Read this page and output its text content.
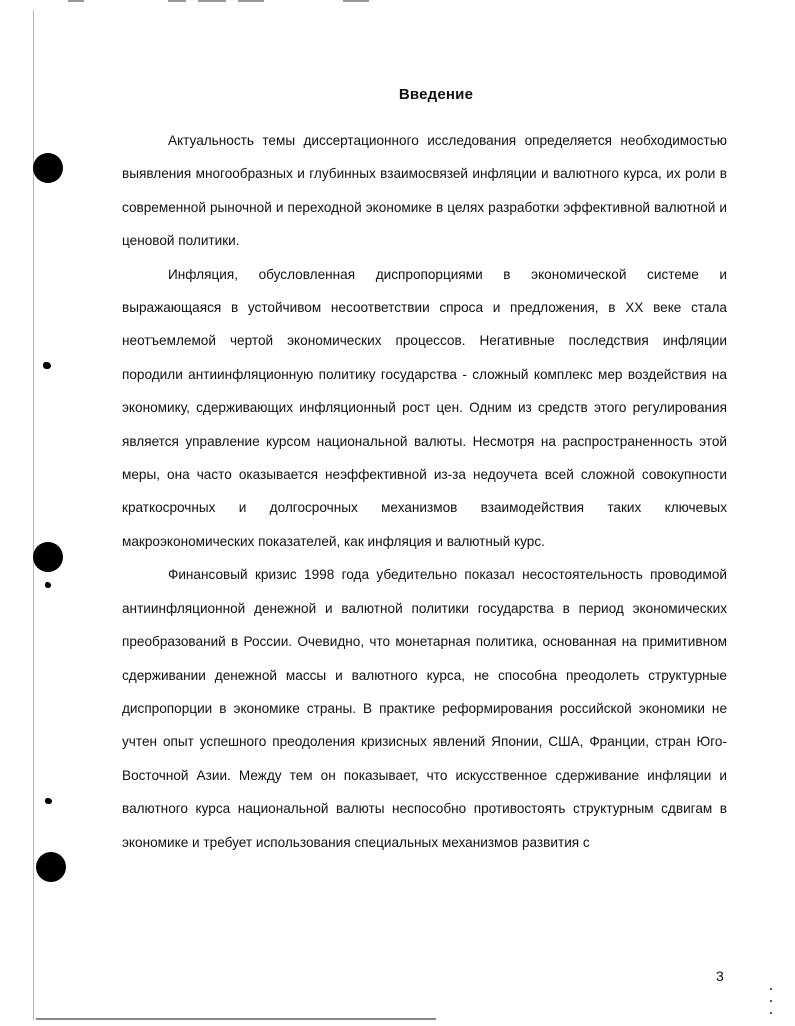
Введение

Актуальность темы диссертационного исследования определяется необходимостью выявления многообразных и глубинных взаимосвязей инфляции и валютного курса, их роли в современной рыночной и переходной экономике в целях разработки эффективной валютной и ценовой политики.

Инфляция, обусловленная диспропорциями в экономической системе и выражающаяся в устойчивом несоответствии спроса и предложения, в XX веке стала неотъемлемой чертой экономических процессов. Негативные последствия инфляции породили антиинфляционную политику государства - сложный комплекс мер воздействия на экономику, сдерживающих инфляционный рост цен. Одним из средств этого регулирования является управление курсом национальной валюты. Несмотря на распространенность этой меры, она часто оказывается неэффективной из-за недоучета всей сложной совокупности краткосрочных и долгосрочных механизмов взаимодействия таких ключевых макроэкономических показателей, как инфляция и валютный курс.

Финансовый кризис 1998 года убедительно показал несостоятельность проводимой антиинфляционной денежной и валютной политики государства в период экономических преобразований в России. Очевидно, что монетарная политика, основанная на примитивном сдерживании денежной массы и валютного курса, не способна преодолеть структурные диспропорции в экономике страны. В практике реформирования российской экономики не учтен опыт успешного преодоления кризисных явлений Японии, США, Франции, стран Юго-Восточной Азии. Между тем он показывает, что искусственное сдерживание инфляции и валютного курса национальной валюты неспособно противостоять структурным сдвигам в экономике и требует использования специальных механизмов развития с

3
